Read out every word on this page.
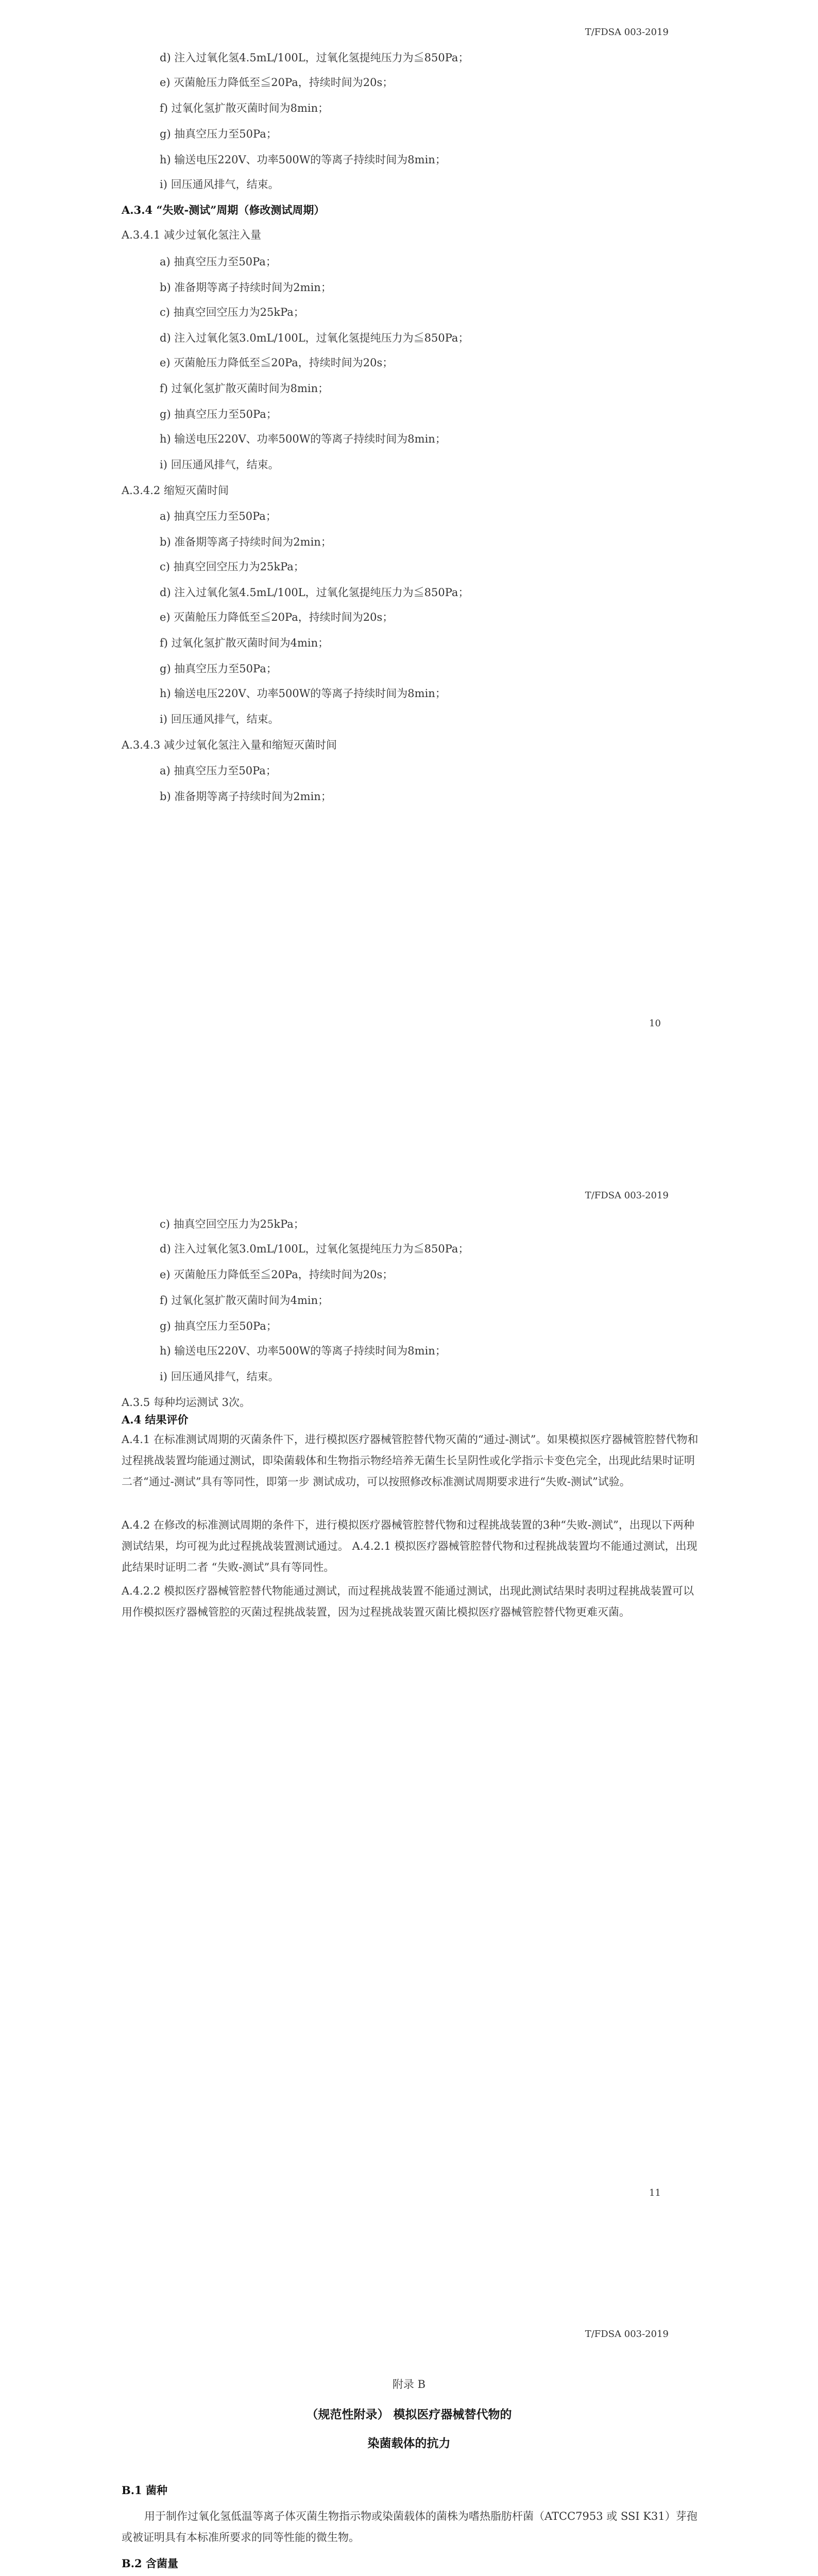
T/FDSA 003-2019
d) 注入过氧化氢4.5mL/100L，过氧化氢提纯压力为≦850Pa；
e) 灭菌舱压力降低至≦20Pa，持续时间为20s；
f) 过氧化氢扩散灭菌时间为8min；
g) 抽真空压力至50Pa；
h) 输送电压220V、功率500W的等离子持续时间为8min；
i) 回压通风排气，结束。
A.3.4 “失败-测试”周期（修改测试周期）
A.3.4.1 减少过氧化氢注入量
a) 抽真空压力至50Pa；
b) 准备期等离子持续时间为2min；
c) 抽真空回空压力为25kPa；
d) 注入过氧化氢3.0mL/100L，过氧化氢提纯压力为≦850Pa；
e) 灭菌舱压力降低至≦20Pa，持续时间为20s；
f) 过氧化氢扩散灭菌时间为8min；
g) 抽真空压力至50Pa；
h) 输送电压220V、功率500W的等离子持续时间为8min；
i) 回压通风排气，结束。
A.3.4.2 缩短灭菌时间
a) 抽真空压力至50Pa；
b) 准备期等离子持续时间为2min；
c) 抽真空回空压力为25kPa；
d) 注入过氧化氢4.5mL/100L，过氧化氢提纯压力为≦850Pa；
e) 灭菌舱压力降低至≦20Pa，持续时间为20s；
f) 过氧化氢扩散灭菌时间为4min；
g) 抽真空压力至50Pa；
h) 输送电压220V、功率500W的等离子持续时间为8min；
i) 回压通风排气，结束。
A.3.4.3 减少过氧化氢注入量和缩短灭菌时间
a) 抽真空压力至50Pa；
b) 准备期等离子持续时间为2min；
10
T/FDSA 003-2019
c) 抽真空回空压力为25kPa；
d) 注入过氧化氢3.0mL/100L，过氧化氢提纯压力为≦850Pa；
e) 灭菌舱压力降低至≦20Pa，持续时间为20s；
f) 过氧化氢扩散灭菌时间为4min；
g) 抽真空压力至50Pa；
h) 输送电压220V、功率500W的等离子持续时间为8min；
i) 回压通风排气，结束。
A.3.5 每种均运测试 3次。
A.4 结果评价
A.4.1 在标准测试周期的灭菌条件下，进行模拟医疗器械管腔替代物灭菌的“通过-测试”。如果模拟医疗器械管腔替代物和过程挑战装置均能通过测试，即染菌载体和生物指示物经培养无菌生长呈阴性或化学指示卡变色完全，出现此结果时证明二者“通过-测试”具有等同性，即第一步 测试成功，可以按照修改标准测试周期要求进行“失败-测试”试验。
A.4.2 在修改的标准测试周期的条件下，进行模拟医疗器械管腔替代物和过程挑战装置的3种“失败-测试”，出现以下两种测试结果，均可视为此过程挑战装置测试通过。 A.4.2.1 模拟医疗器械管腔替代物和过程挑战装置均不能通过测试，出现此结果时证明二者 “失败-测试”具有等同性。
A.4.2.2 模拟医疗器械管腔替代物能通过测试，而过程挑战装置不能通过测试，出现此测试结果时表明过程挑战装置可以用作模拟医疗器械管腔的灭菌过程挑战装置，因为过程挑战装置灭菌比模拟医疗器械管腔替代物更难灭菌。
11
T/FDSA 003-2019
附录 B
（规范性附录） 模拟医疗器械替代物的
染菌载体的抗力
B.1 菌种
用于制作过氧化氢低温等离子体灭菌生物指示物或染菌载体的菌株为嗜热脂肪杆菌（ATCC7953 或 SSI K31）芽孢或被证明具有本标准所要求的同等性能的微生物。
B.2 含菌量
